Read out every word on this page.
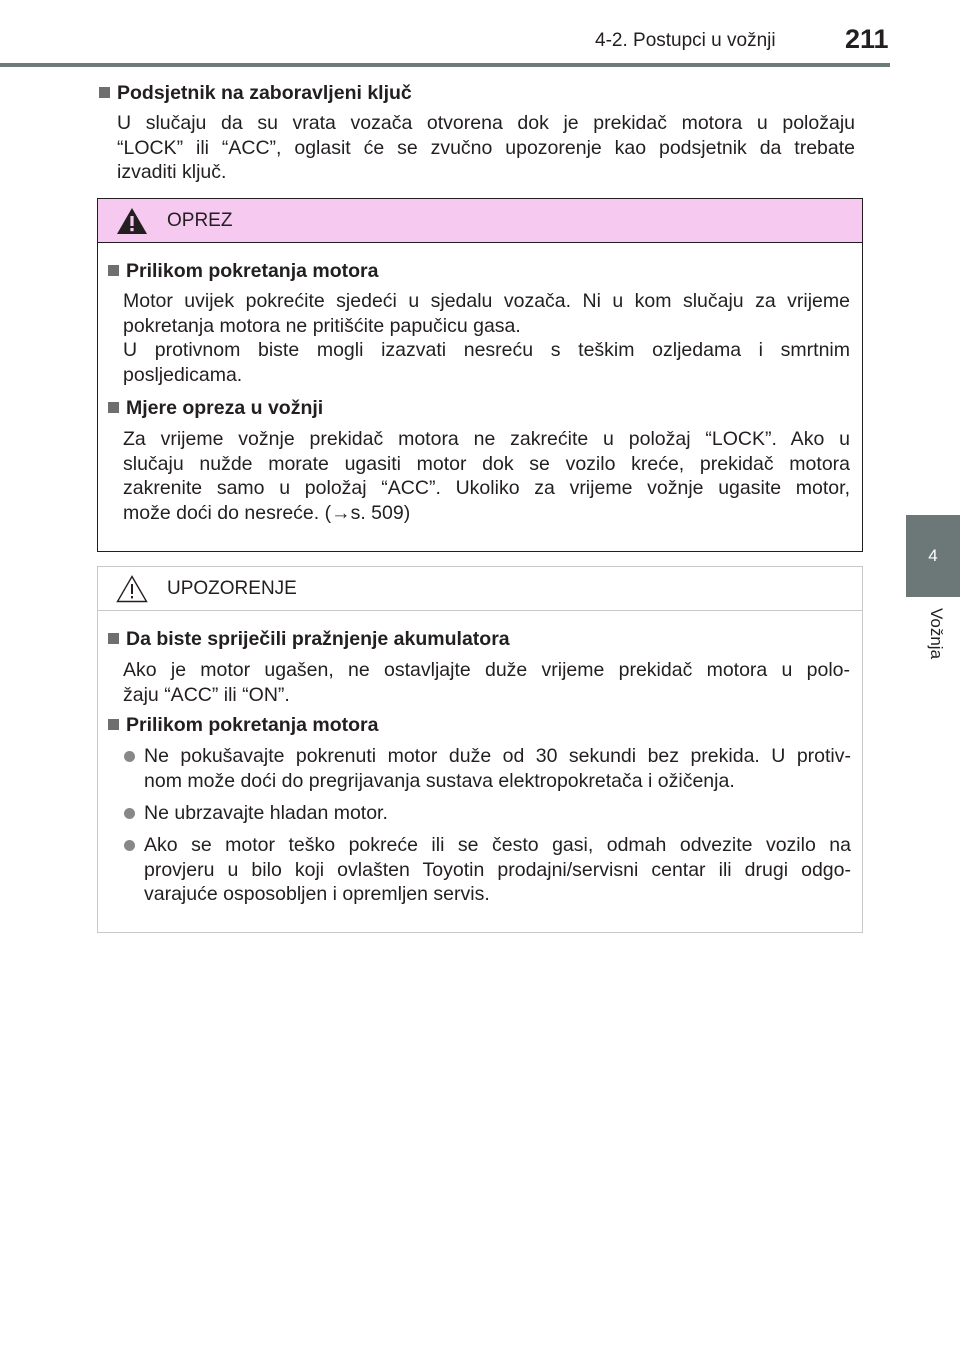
4-2. Postupci u vožnji	211
4
Vožnja
Podsjetnik na zaboravljeni ključ
U slučaju da su vrata vozača otvorena dok je prekidač motora u položaju
“LOCK” ili “ACC”, oglasit će se zvučno upozorenje kao podsjetnik da trebate
izvaditi ključ.
OPREZ
Prilikom pokretanja motora
Motor uvijek pokrećite sjedeći u sjedalu vozača. Ni u kom slučaju za vrijeme
pokretanja motora ne pritišćite papučicu gasa.
U protivnom biste mogli izazvati nesreću s teškim ozljedama i smrtnim
posljedicama.
Mjere opreza u vožnji
Za vrijeme vožnje prekidač motora ne zakrećite u položaj “LOCK”. Ako u
slučaju nužde morate ugasiti motor dok se vozilo kreće, prekidač motora
zakrenite samo u položaj “ACC”. Ukoliko za vrijeme vožnje ugasite motor,
može doći do nesreće. (→s. 509)
UPOZORENJE
Da biste spriječili pražnjenje akumulatora
Ako je motor ugašen, ne ostavljajte duže vrijeme prekidač motora u polo-
žaju “ACC” ili “ON”.
Prilikom pokretanja motora
Ne pokušavajte pokrenuti motor duže od 30 sekundi bez prekida. U protiv-
nom može doći do pregrijavanja sustava elektropokretača i ožičenja.
Ne ubrzavajte hladan motor.
Ako se motor teško pokreće ili se često gasi, odmah odvezite vozilo na
provjeru u bilo koji ovlašten Toyotin prodajni/servisni centar ili drugi odgo-
varajuće osposobljen i opremljen servis.
